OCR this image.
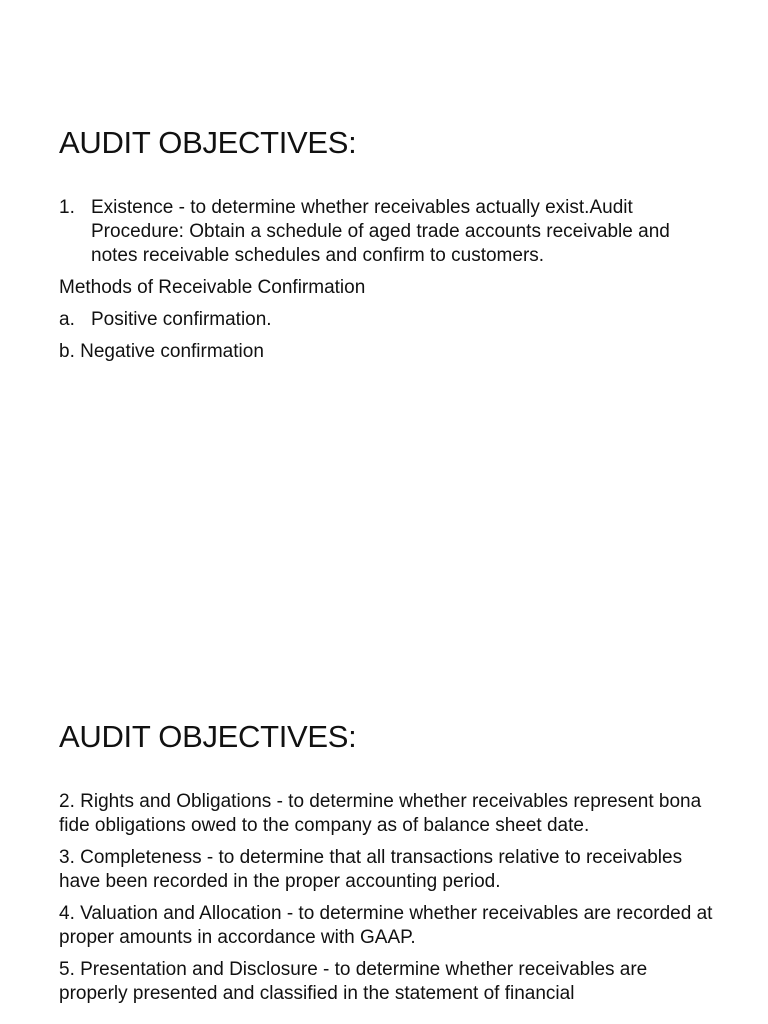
AUDIT OBJECTIVES:
1. Existence - to determine whether receivables actually exist.Audit Procedure: Obtain a schedule of aged trade accounts receivable and notes receivable schedules and confirm to customers.

Methods of Receivable Confirmation

a. Positive confirmation.

b. Negative confirmation

AUDIT OBJECTIVES:

2. Rights and Obligations - to determine whether receivables represent bona fide obligations owed to the company as of balance sheet date.

3. Completeness - to determine that all transactions relative to receivables have been recorded in the proper accounting period.

4. Valuation and Allocation - to determine whether receivables are recorded at proper amounts in accordance with GAAP.

5. Presentation and Disclosure - to determine whether receivables are properly presented and classified in the statement of financial
